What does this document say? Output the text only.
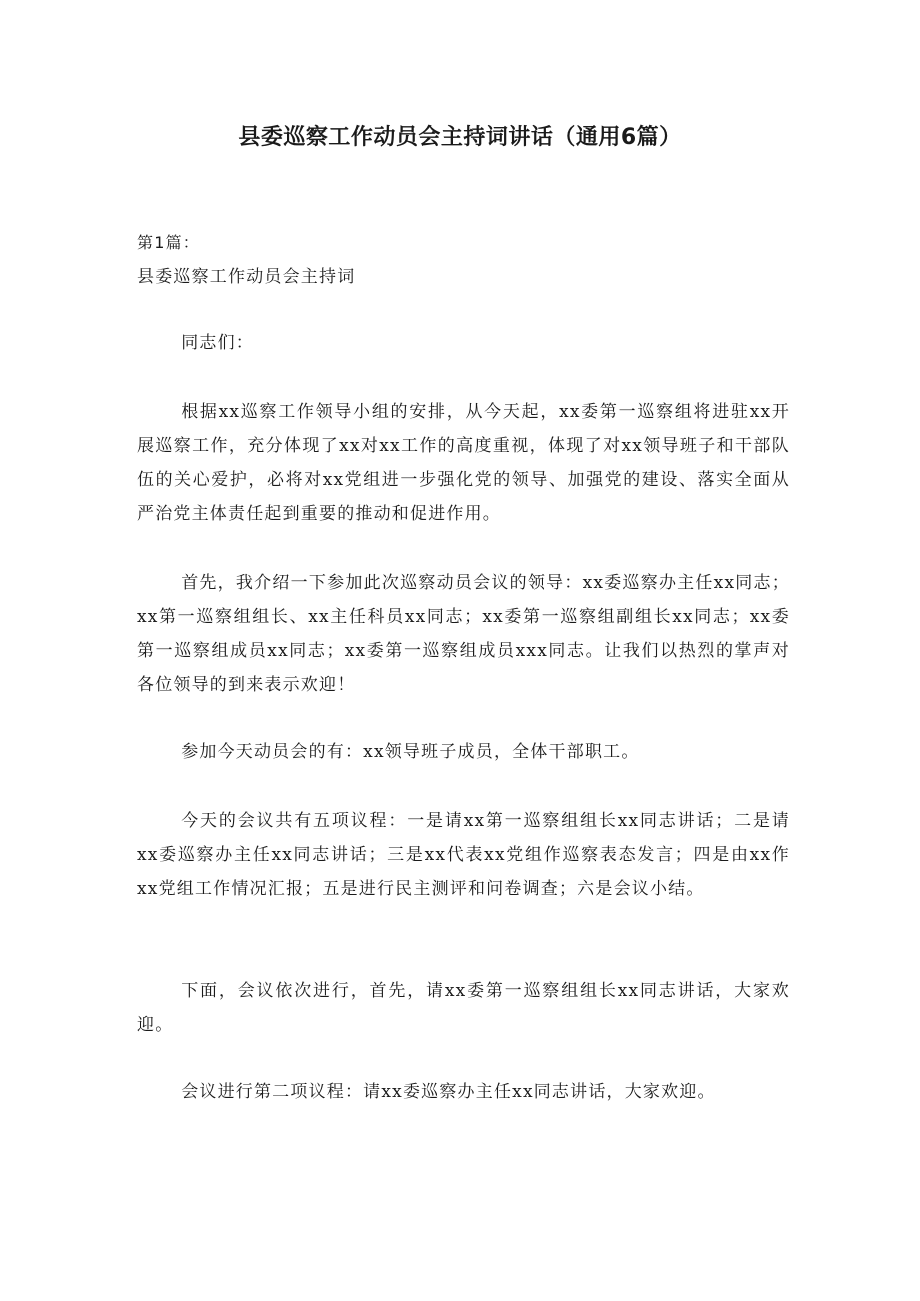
县委巡察工作动员会主持词讲话（通用6篇）
第1篇：
县委巡察工作动员会主持词
同志们：
根据xx巡察工作领导小组的安排，从今天起，xx委第一巡察组将进驻xx开展巡察工作，充分体现了xx对xx工作的高度重视，体现了对xx领导班子和干部队伍的关心爱护，必将对xx党组进一步强化党的领导、加强党的建设、落实全面从严治党主体责任起到重要的推动和促进作用。
首先，我介绍一下参加此次巡察动员会议的领导：xx委巡察办主任xx同志；xx第一巡察组组长、xx主任科员xx同志；xx委第一巡察组副组长xx同志；xx委第一巡察组成员xx同志；xx委第一巡察组成员xxx同志。让我们以热烈的掌声对各位领导的到来表示欢迎！
参加今天动员会的有：xx领导班子成员，全体干部职工。
今天的会议共有五项议程：一是请xx第一巡察组组长xx同志讲话；二是请xx委巡察办主任xx同志讲话；三是xx代表xx党组作巡察表态发言；四是由xx作xx党组工作情况汇报；五是进行民主测评和问卷调查；六是会议小结。
下面，会议依次进行，首先，请xx委第一巡察组组长xx同志讲话，大家欢迎。
会议进行第二项议程：请xx委巡察办主任xx同志讲话，大家欢迎。
